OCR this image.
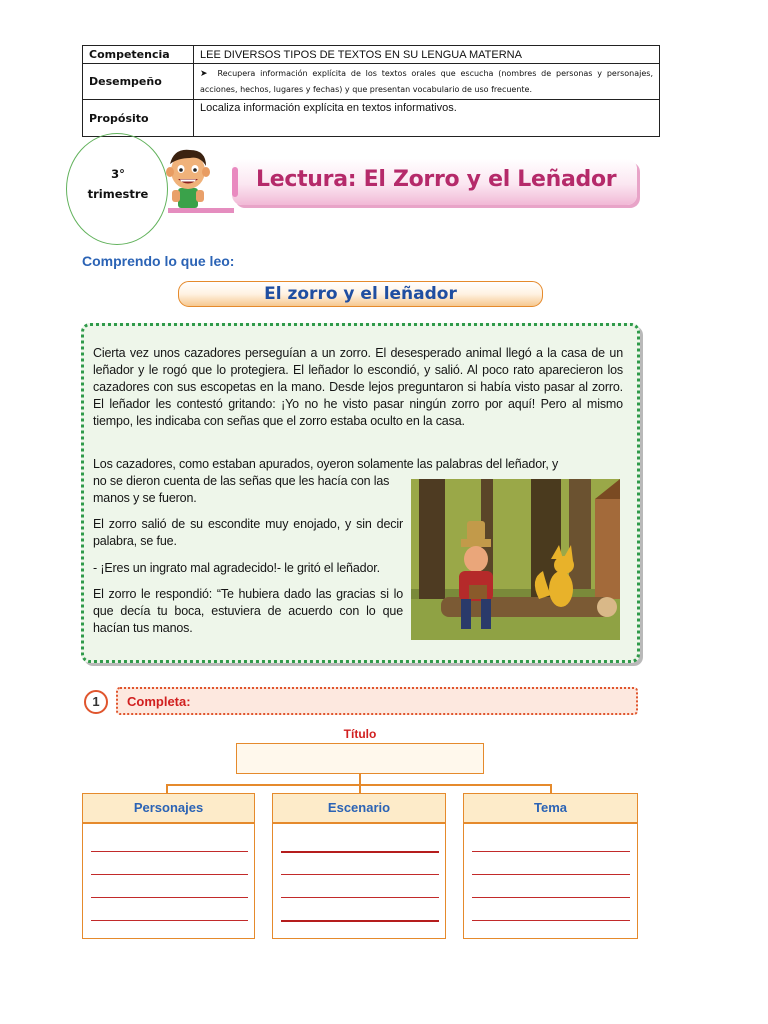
Competencia	LEE DIVERSOS TIPOS DE TEXTOS EN SU LENGUA MATERNA
Desempeño	➤ Recupera información explícita de los textos orales que escucha (nombres de personas y personajes, acciones, hechos, lugares y fechas) y que presentan vocabulario de uso frecuente.

Propósito	Localiza información explícita en textos informativos.
3°
trimestre
Lectura: El Zorro y el Leñador
Comprendo lo que leo:
El zorro y el leñador
Cierta vez unos cazadores perseguían a un zorro. El desesperado animal llegó a la casa de un leñador y le rogó que lo protegiera. El leñador lo escondió, y salió. Al poco rato aparecieron los cazadores con sus escopetas en la mano. Desde lejos preguntaron si había visto pasar al zorro. El leñador les contestó gritando: ¡Yo no he visto pasar ningún zorro por aquí! Pero al mismo tiempo, les indicaba con señas que el zorro estaba oculto en la casa.
Los cazadores, como estaban apurados, oyeron solamente las palabras del leñador, y
no se dieron cuenta de las señas que les hacía con las manos y se fueron.
El zorro salió de su escondite muy enojado, y sin decir palabra, se fue.
- ¡Eres un ingrato mal agradecido!- le gritó el leñador.
El zorro le respondió: “Te hubiera dado las gracias si lo que decía tu boca, estuviera de acuerdo con lo que hacían tus manos.
1	Completa:
Título
Personajes	Escenario	Tema
